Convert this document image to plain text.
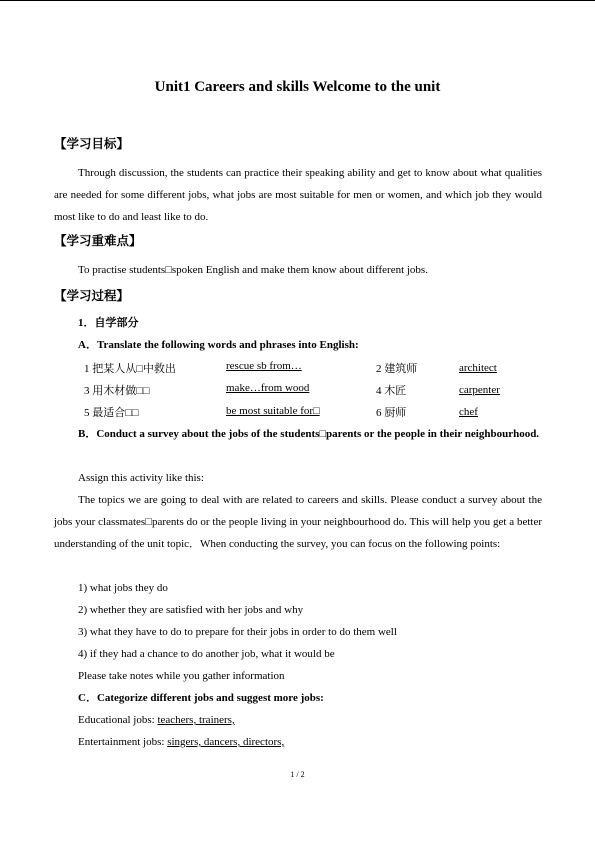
Unit1 Careers and skills Welcome to the unit
【学习目标】
Through discussion, the students can practice their speaking ability and get to know about what qualities are needed for some different jobs, what jobs are most suitable for men or women, and which job they would most like to do and least like to do.
【学习重难点】
To practise students□spoken English and make them know about different jobs.
【学习过程】
1．自学部分
A．Translate the following words and phrases into English:
1 把某人从□中救出	rescue sb from…	2 建筑师	architect
3 用木材做□□	make…from wood	4 木匠	carpenter
5 最适合□□	be most suitable for□	6 厨师	chef
B．Conduct a survey about the jobs of the students□parents or the people in their neighbourhood.
Assign this activity like this:
The topics we are going to deal with are related to careers and skills. Please conduct a survey about the jobs your classmates□parents do or the people living in your neighbourhood do. This will help you get a better understanding of the unit topic．When conducting the survey, you can focus on the following points:
1) what jobs they do
2) whether they are satisfied with her jobs and why
3) what they have to do to prepare for their jobs in order to do them well
4) if they had a chance to do another job, what it would be
Please take notes while you gather information
C．Categorize different jobs and suggest more jobs:
Educational jobs: teachers, trainers,
Entertainment jobs: singers, dancers, directors,
1 / 2
